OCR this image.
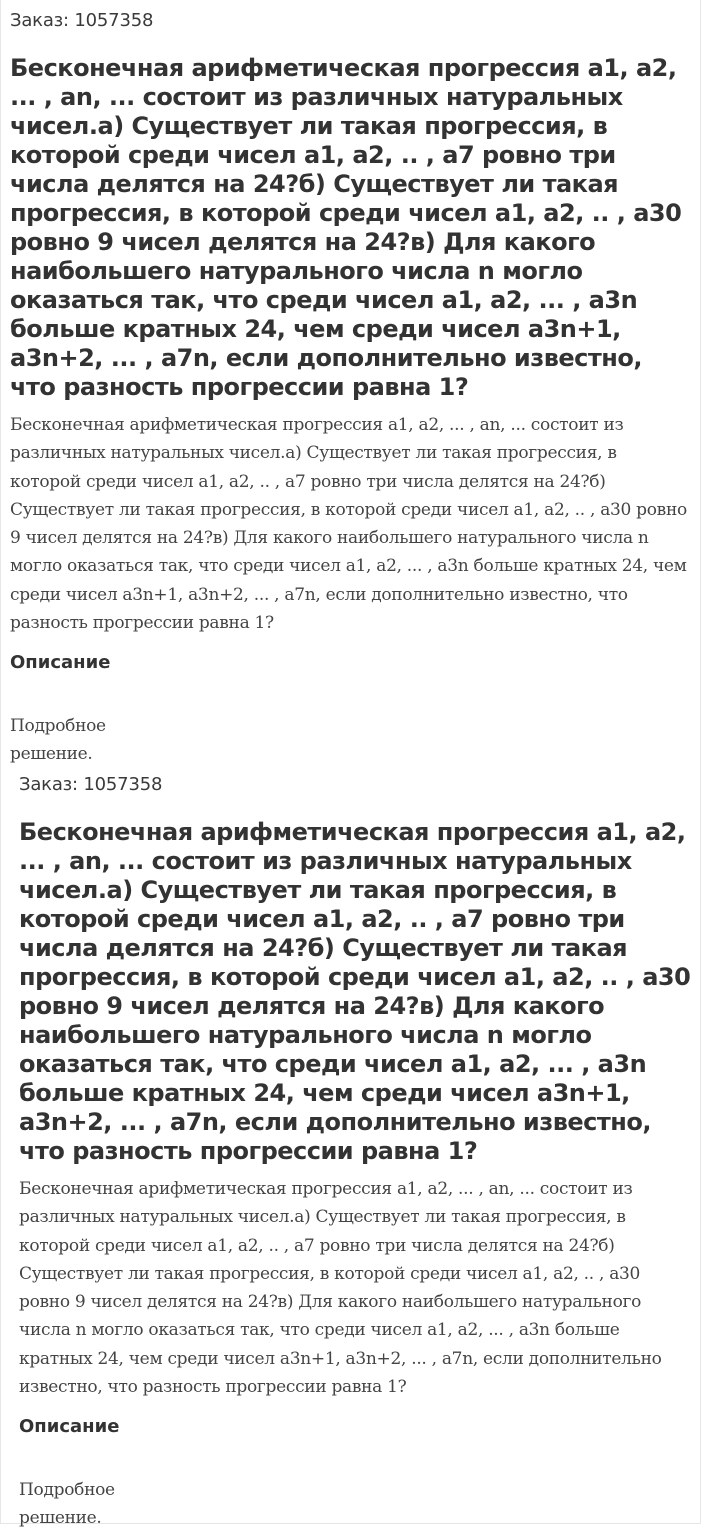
Заказ: 1057358
Бесконечная арифметическая прогрессия a1, a2, ... , an, ... состоит из различных натуральных чисел.а) Существует ли такая прогрессия, в которой среди чисел a1, a2, .. , a7 ровно три числа делятся на 24?б) Существует ли такая прогрессия, в которой среди чисел a1, a2, .. , a30 ровно 9 чисел делятся на 24?в) Для какого наибольшего натурального числа n могло оказаться так, что среди чисел a1, a2, ... , a3n больше кратных 24, чем среди чисел a3n+1, a3n+2, ... , a7n, если дополнительно известно, что разность прогрессии равна 1?
Бесконечная арифметическая прогрессия a1, a2, ... , an, ... состоит из различных натуральных чисел.а) Существует ли такая прогрессия, в которой среди чисел a1, a2, .. , a7 ровно три числа делятся на 24?б) Существует ли такая прогрессия, в которой среди чисел a1, a2, .. , a30 ровно 9 чисел делятся на 24?в) Для какого наибольшего натурального числа n могло оказаться так, что среди чисел a1, a2, ... , a3n больше кратных 24, чем среди чисел a3n+1, a3n+2, ... , a7n, если дополнительно известно, что разность прогрессии равна 1?
Описание
Подробное решение.
Заказ: 1057358
Бесконечная арифметическая прогрессия a1, a2, ... , an, ... состоит из различных натуральных чисел.а) Существует ли такая прогрессия, в которой среди чисел a1, a2, .. , a7 ровно три числа делятся на 24?б) Существует ли такая прогрессия, в которой среди чисел a1, a2, .. , a30 ровно 9 чисел делятся на 24?в) Для какого наибольшего натурального числа n могло оказаться так, что среди чисел a1, a2, ... , a3n больше кратных 24, чем среди чисел a3n+1, a3n+2, ... , a7n, если дополнительно известно, что разность прогрессии равна 1?
Бесконечная арифметическая прогрессия a1, a2, ... , an, ... состоит из различных натуральных чисел.а) Существует ли такая прогрессия, в которой среди чисел a1, a2, .. , a7 ровно три числа делятся на 24?б) Существует ли такая прогрессия, в которой среди чисел a1, a2, .. , a30 ровно 9 чисел делятся на 24?в) Для какого наибольшего натурального числа n могло оказаться так, что среди чисел a1, a2, ... , a3n больше кратных 24, чем среди чисел a3n+1, a3n+2, ... , a7n, если дополнительно известно, что разность прогрессии равна 1?
Описание
Подробное решение.
